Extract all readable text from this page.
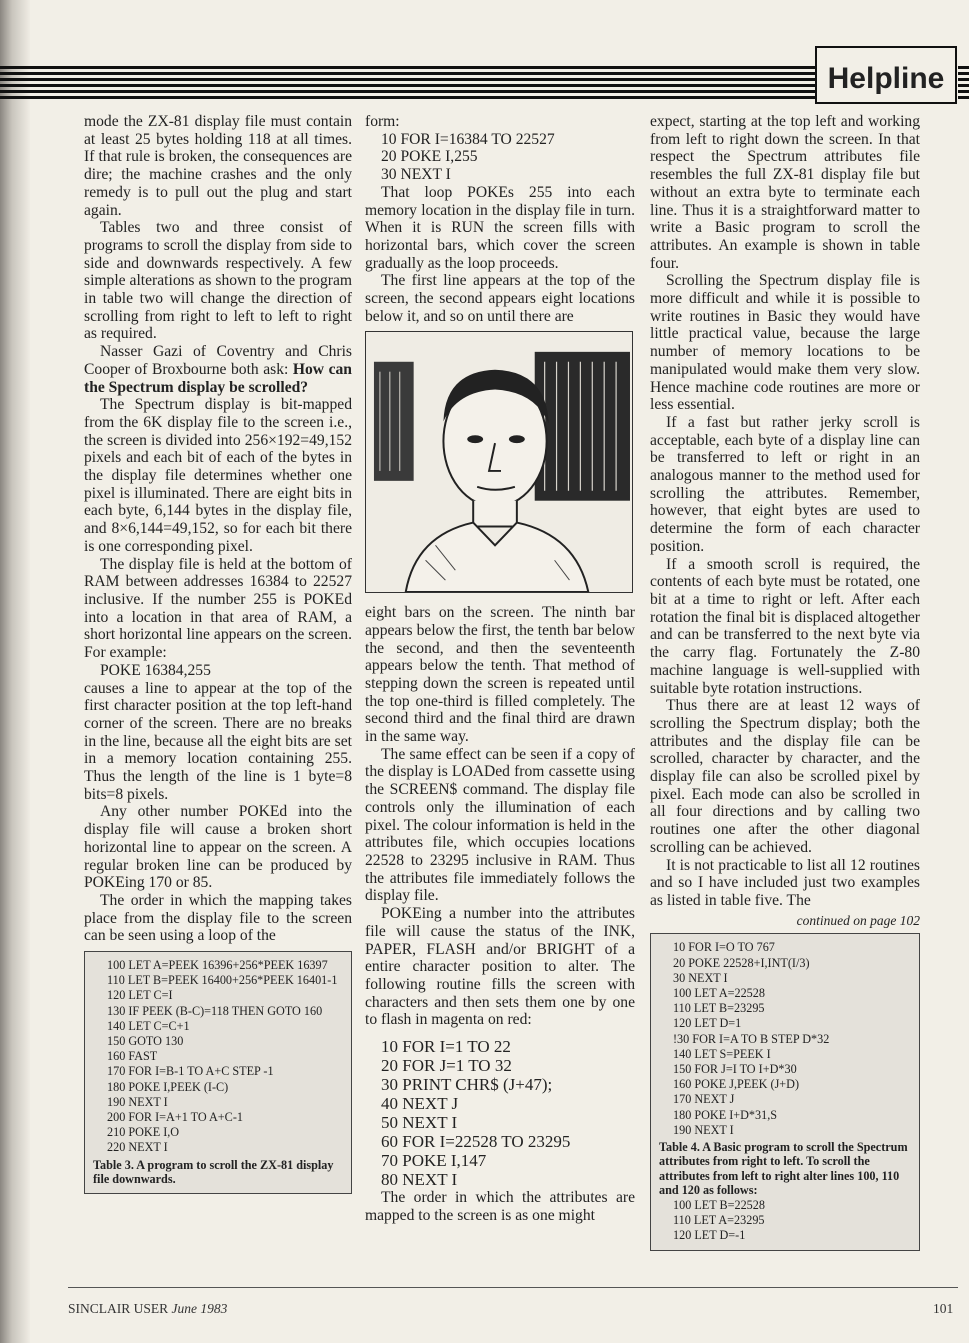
Helpline

mode the ZX-81 display file must contain at least 25 bytes holding 118 at all times. If that rule is broken, the consequences are dire; the machine crashes and the only remedy is to pull out the plug and start again.

Tables two and three consist of programs to scroll the display from side to side and downwards respectively. A few simple alterations as shown to the program in table two will change the direction of scrolling from right to left to left to right as required.

Nasser Gazi of Coventry and Chris Cooper of Broxbourne both ask: How can the Spectrum display be scrolled?

The Spectrum display is bit-mapped from the 6K display file to the screen i.e., the screen is divided into 256×192=49,152 pixels and each bit of each of the bytes in the display file determines whether one pixel is illuminated. There are eight bits in each byte, 6,144 bytes in the display file, and 8×6,144=49,152, so for each bit there is one corresponding pixel.

The display file is held at the bottom of RAM between addresses 16384 to 22527 inclusive. If the number 255 is POKEd into a location in that area of RAM, a short horizontal line appears on the screen. For example:

POKE 16384,255

causes a line to appear at the top of the first character position at the top left-hand corner of the screen. There are no breaks in the line, because all the eight bits are set in a memory location containing 255. Thus the length of the line is 1 byte=8 bits=8 pixels.

Any other number POKEd into the display file will cause a broken short horizontal line to appear on the screen. A regular broken line can be produced by POKEing 170 or 85.

The order in which the mapping takes place from the display file to the screen can be seen using a loop of the

100 LET A=PEEK 16396+256*PEEK 16397
110 LET B=PEEK 16400+256*PEEK 16401-1
120 LET C=I
130 IF PEEK (B-C)=118 THEN GOTO 160
140 LET C=C+1
150 GOTO 130
160 FAST
170 FOR I=B-1 TO A+C STEP -1
180 POKE I,PEEK (I-C)
190 NEXT I
200 FOR I=A+1 TO A+C-1
210 POKE I,O
220 NEXT I
Table 3. A program to scroll the ZX-81 display file downwards.

form:

10 FOR I=16384 TO 22527

20 POKE I,255

30 NEXT I

That loop POKEs 255 into each memory location in the display file in turn. When it is RUN the screen fills with horizontal bars, which cover the screen gradually as the loop proceeds.

The first line appears at the top of the screen, the second appears eight locations below it, and so on until there are

eight bars on the screen. The ninth bar appears below the first, the tenth bar below the second, and then the seventeenth appears below the tenth. That method of stepping down the screen is repeated until the top one-third is filled completely. The second third and the final third are drawn in the same way.

The same effect can be seen if a copy of the display is LOADed from cassette using the SCREEN$ command. The display file controls only the illumination of each pixel. The colour information is held in the attributes file, which occupies locations 22528 to 23295 inclusive in RAM. Thus the attributes file immediately follows the display file.

POKEing a number into the attributes file will cause the status of the INK, PAPER, FLASH and/or BRIGHT of a entire character position to alter. The following routine fills the screen with characters and then sets them one by one to flash in magenta on red:

10 FOR I=1 TO 22

20 FOR J=1 TO 32

30 PRINT CHR$ (J+47);

40 NEXT J

50 NEXT I

60 FOR I=22528 TO 23295

70 POKE I,147

80 NEXT I

The order in which the attributes are mapped to the screen is as one might

expect, starting at the top left and working from left to right down the screen. In that respect the Spectrum attributes file resembles the full ZX-81 display file but without an extra byte to terminate each line. Thus it is a straightforward matter to write a Basic program to scroll the attributes. An example is shown in table four.

Scrolling the Spectrum display file is more difficult and while it is possible to write routines in Basic they would have little practical value, because the large number of memory locations to be manipulated would make them very slow. Hence machine code routines are more or less essential.

If a fast but rather jerky scroll is acceptable, each byte of a display line can be transferred to left or right in an analogous manner to the method used for scrolling the attributes. Remember, however, that eight bytes are used to determine the form of each character position.

If a smooth scroll is required, the contents of each byte must be rotated, one bit at a time to right or left. After each rotation the final bit is displaced altogether and can be transferred to the next byte via the carry flag. Fortunately the Z-80 machine language is well-supplied with suitable byte rotation instructions.

Thus there are at least 12 ways of scrolling the Spectrum display; both the attributes and the display file can be scrolled, character by character, and the display file can also be scrolled pixel by pixel. Each mode can also be scrolled in all four directions and by calling two routines one after the other diagonal scrolling can be achieved.

It is not practicable to list all 12 routines and so I have included just two examples as listed in table five. The

continued on page 102
10 FOR I=O TO 767
20 POKE 22528+I,INT(I/3)
30 NEXT I
100 LET A=22528
110 LET B=23295
120 LET D=1
!30 FOR I=A TO B STEP D*32
140 LET S=PEEK I
150 FOR J=I TO I+D*30
160 POKE J,PEEK (J+D)
170 NEXT J
180 POKE I+D*31,S
190 NEXT I
Table 4. A Basic program to scroll the Spectrum attributes from right to left. To scroll the attributes from left to right alter lines 100, 110 and 120 as follows:
100 LET B=22528
110 LET A=23295
120 LET D=-1
SINCLAIR USER June 1983	101
